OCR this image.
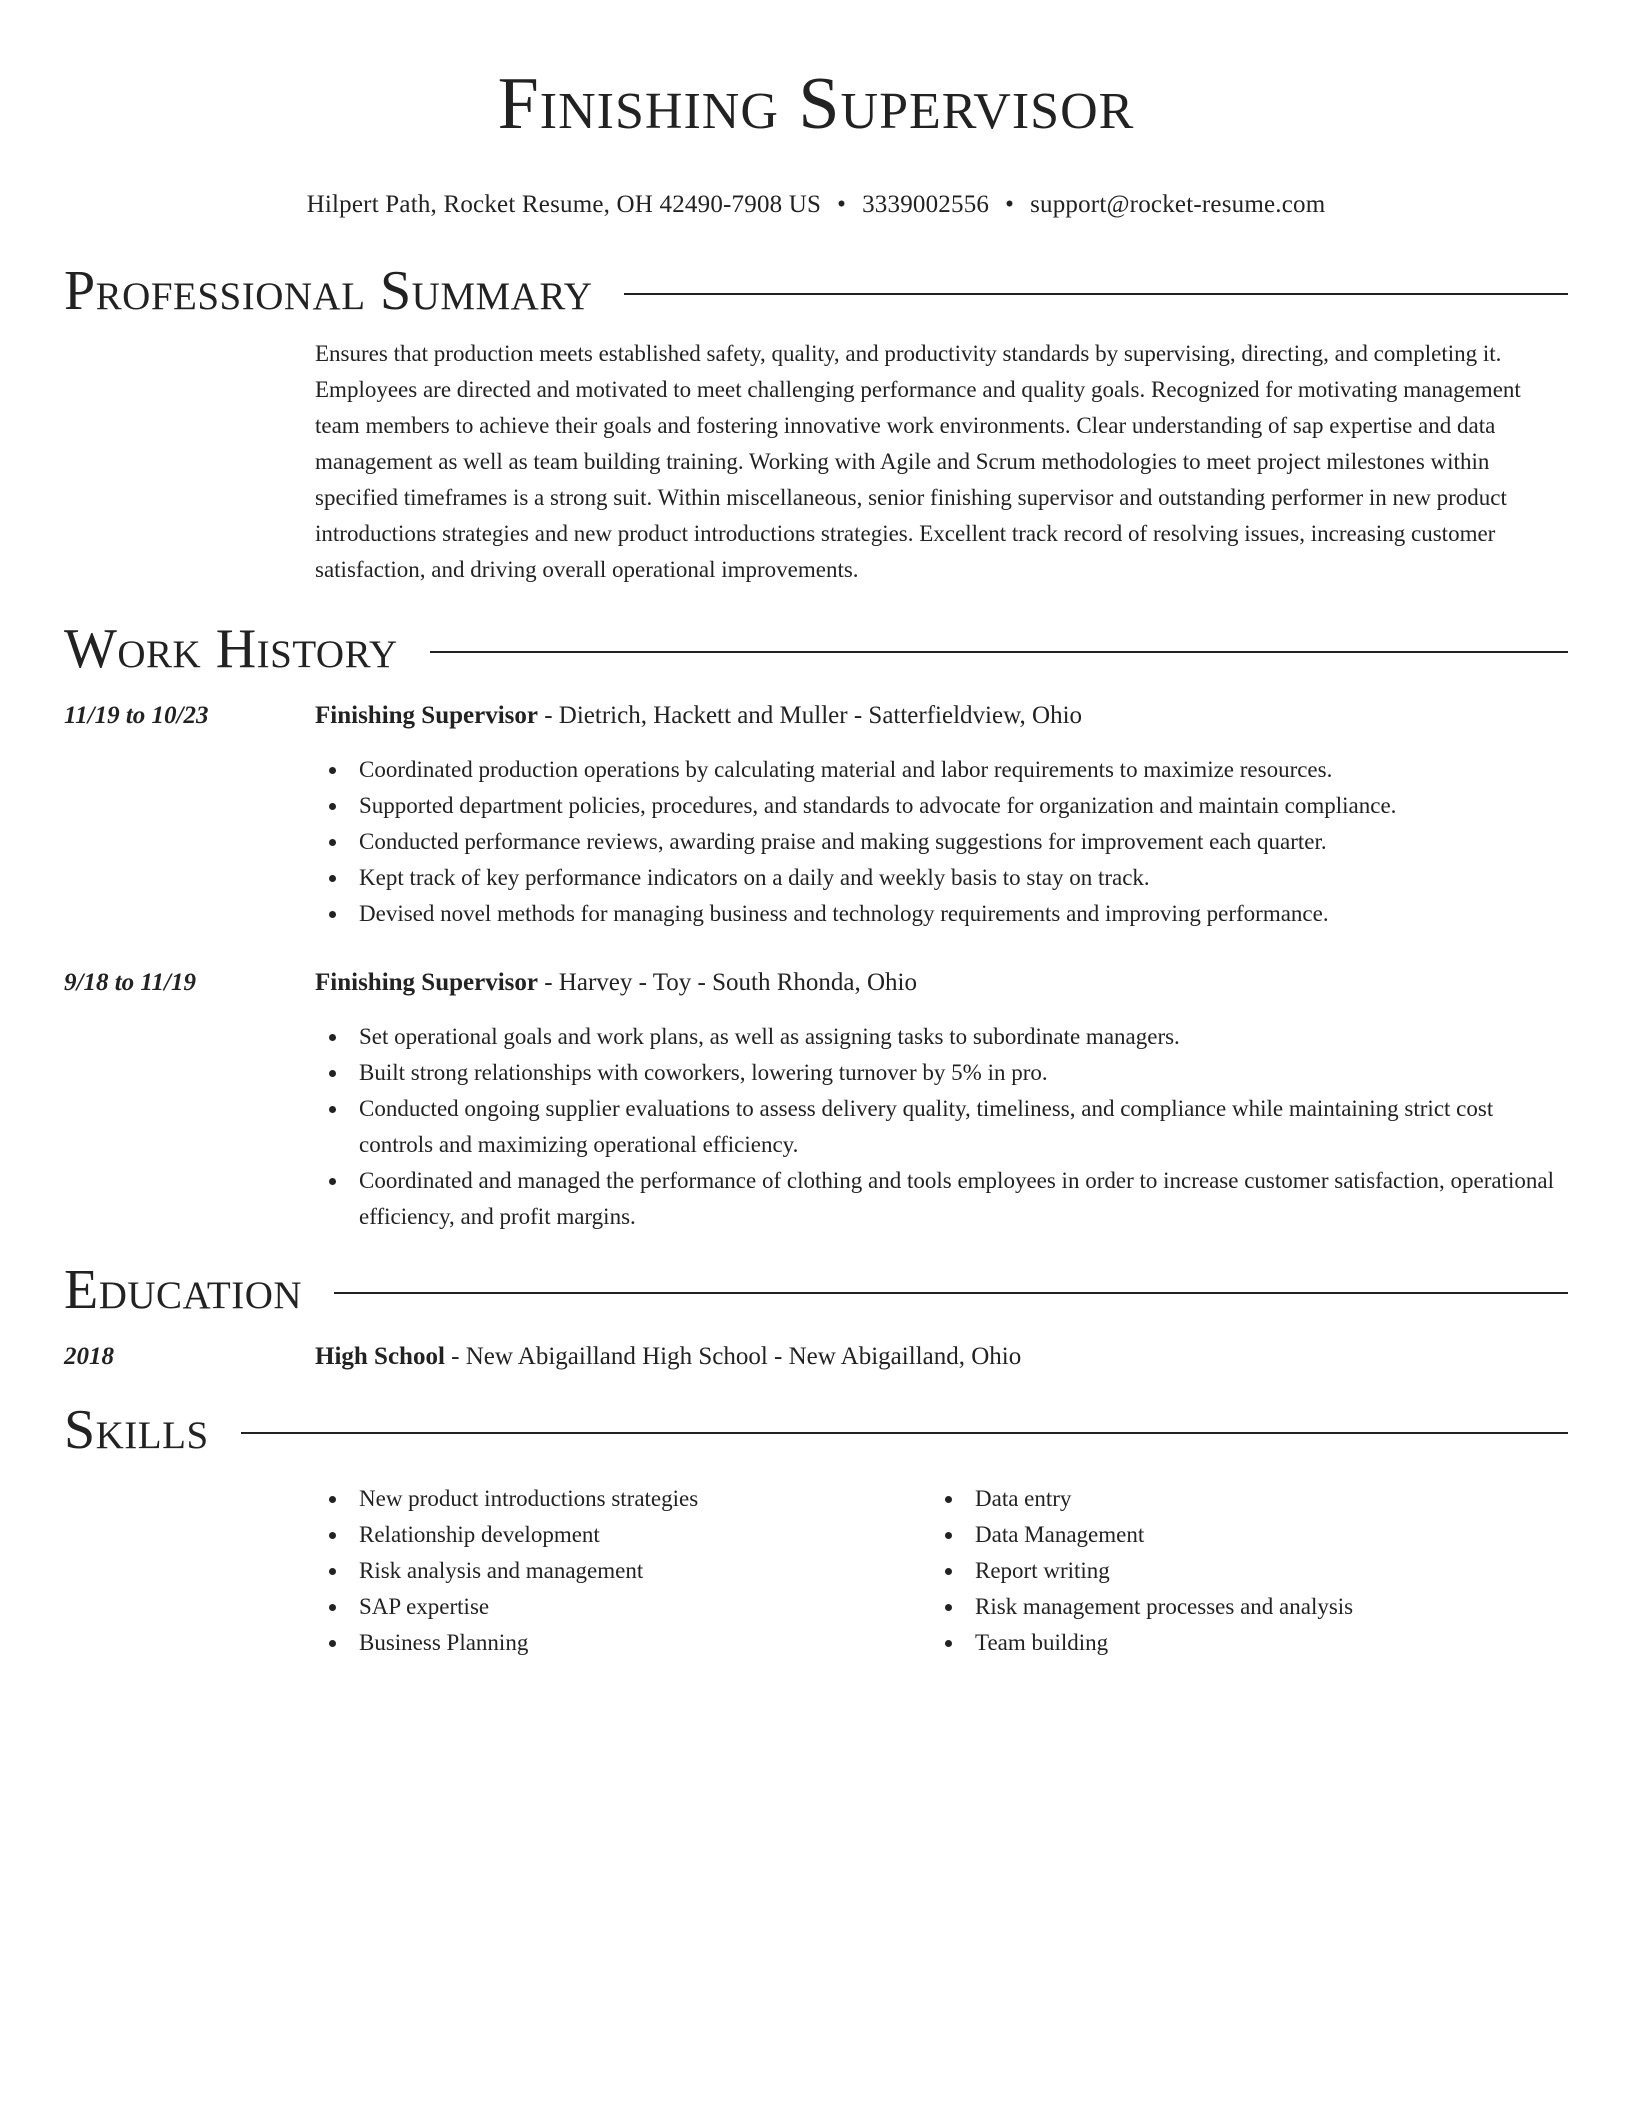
Finishing Supervisor
Hilpert Path, Rocket Resume, OH 42490-7908 US • 3339002556 • support@rocket-resume.com
Professional Summary
Ensures that production meets established safety, quality, and productivity standards by supervising, directing, and completing it. Employees are directed and motivated to meet challenging performance and quality goals. Recognized for motivating management team members to achieve their goals and fostering innovative work environments. Clear understanding of sap expertise and data management as well as team building training. Working with Agile and Scrum methodologies to meet project milestones within specified timeframes is a strong suit. Within miscellaneous, senior finishing supervisor and outstanding performer in new product introductions strategies and new product introductions strategies. Excellent track record of resolving issues, increasing customer satisfaction, and driving overall operational improvements.
Work History
11/19 to 10/23	Finishing Supervisor - Dietrich, Hackett and Muller - Satterfieldview, Ohio
Coordinated production operations by calculating material and labor requirements to maximize resources.
Supported department policies, procedures, and standards to advocate for organization and maintain compliance.
Conducted performance reviews, awarding praise and making suggestions for improvement each quarter.
Kept track of key performance indicators on a daily and weekly basis to stay on track.
Devised novel methods for managing business and technology requirements and improving performance.
9/18 to 11/19	Finishing Supervisor - Harvey - Toy - South Rhonda, Ohio
Set operational goals and work plans, as well as assigning tasks to subordinate managers.
Built strong relationships with coworkers, lowering turnover by 5% in pro.
Conducted ongoing supplier evaluations to assess delivery quality, timeliness, and compliance while maintaining strict cost controls and maximizing operational efficiency.
Coordinated and managed the performance of clothing and tools employees in order to increase customer satisfaction, operational efficiency, and profit margins.
Education
2018	High School - New Abigailland High School - New Abigailland, Ohio
Skills
New product introductions strategies
Relationship development
Risk analysis and management
SAP expertise
Business Planning
Data entry
Data Management
Report writing
Risk management processes and analysis
Team building
